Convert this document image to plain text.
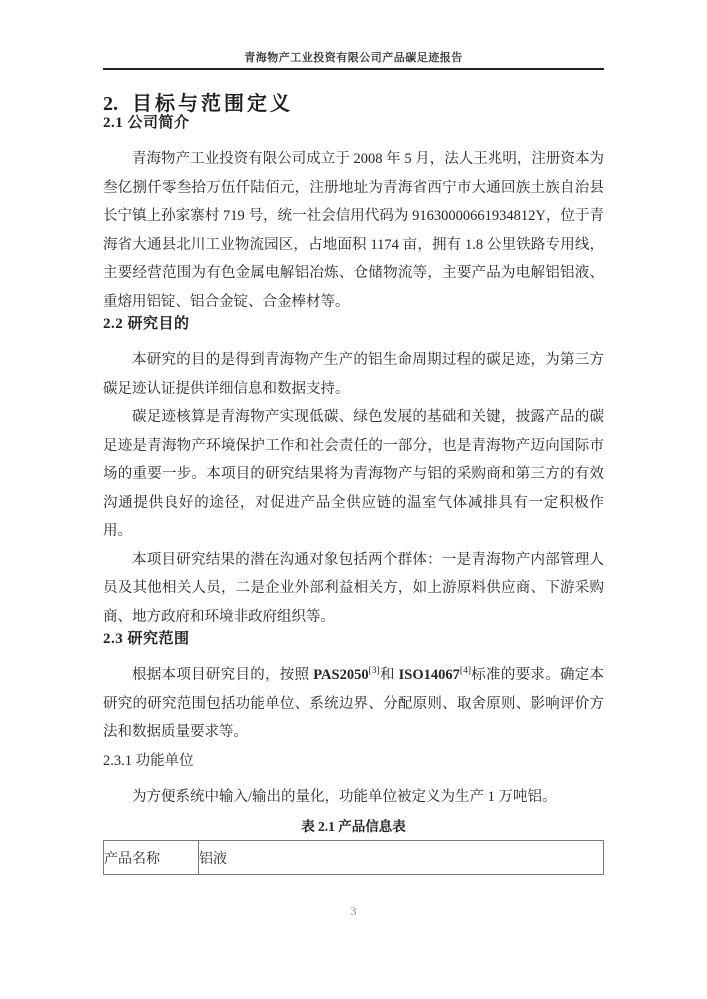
青海物产工业投资有限公司产品碳足迹报告
2. 目标与范围定义
2.1 公司简介

青海物产工业投资有限公司成立于 2008 年 5 月，法人王兆明，注册资本为叁亿捌仟零叁拾万伍仟陆佰元，注册地址为青海省西宁市大通回族土族自治县长宁镇上孙家寨村 719 号，统一社会信用代码为 91630000661934812Y，位于青海省大通县北川工业物流园区，占地面积 1174 亩，拥有 1.8 公里铁路专用线，主要经营范围为有色金属电解铝冶炼、仓储物流等，主要产品为电解铝铝液、重熔用铝锭、铝合金锭、合金棒材等。

2.2 研究目的

本研究的目的是得到青海物产生产的铝生命周期过程的碳足迹，为第三方碳足迹认证提供详细信息和数据支持。

碳足迹核算是青海物产实现低碳、绿色发展的基础和关键，披露产品的碳足迹是青海物产环境保护工作和社会责任的一部分，也是青海物产迈向国际市场的重要一步。本项目的研究结果将为青海物产与铝的采购商和第三方的有效沟通提供良好的途径，对促进产品全供应链的温室气体减排具有一定积极作用。

本项目研究结果的潜在沟通对象包括两个群体：一是青海物产内部管理人员及其他相关人员，二是企业外部利益相关方，如上游原料供应商、下游采购商、地方政府和环境非政府组织等。

2.3 研究范围

根据本项目研究目的，按照 PAS2050[3]和 ISO14067[4]标准的要求。确定本研究的研究范围包括功能单位、系统边界、分配原则、取舍原则、影响评价方法和数据质量要求等。

2.3.1 功能单位

为方便系统中输入/输出的量化，功能单位被定义为生产 1 万吨铝。

表 2.1 产品信息表
产品名称	铝液
3
